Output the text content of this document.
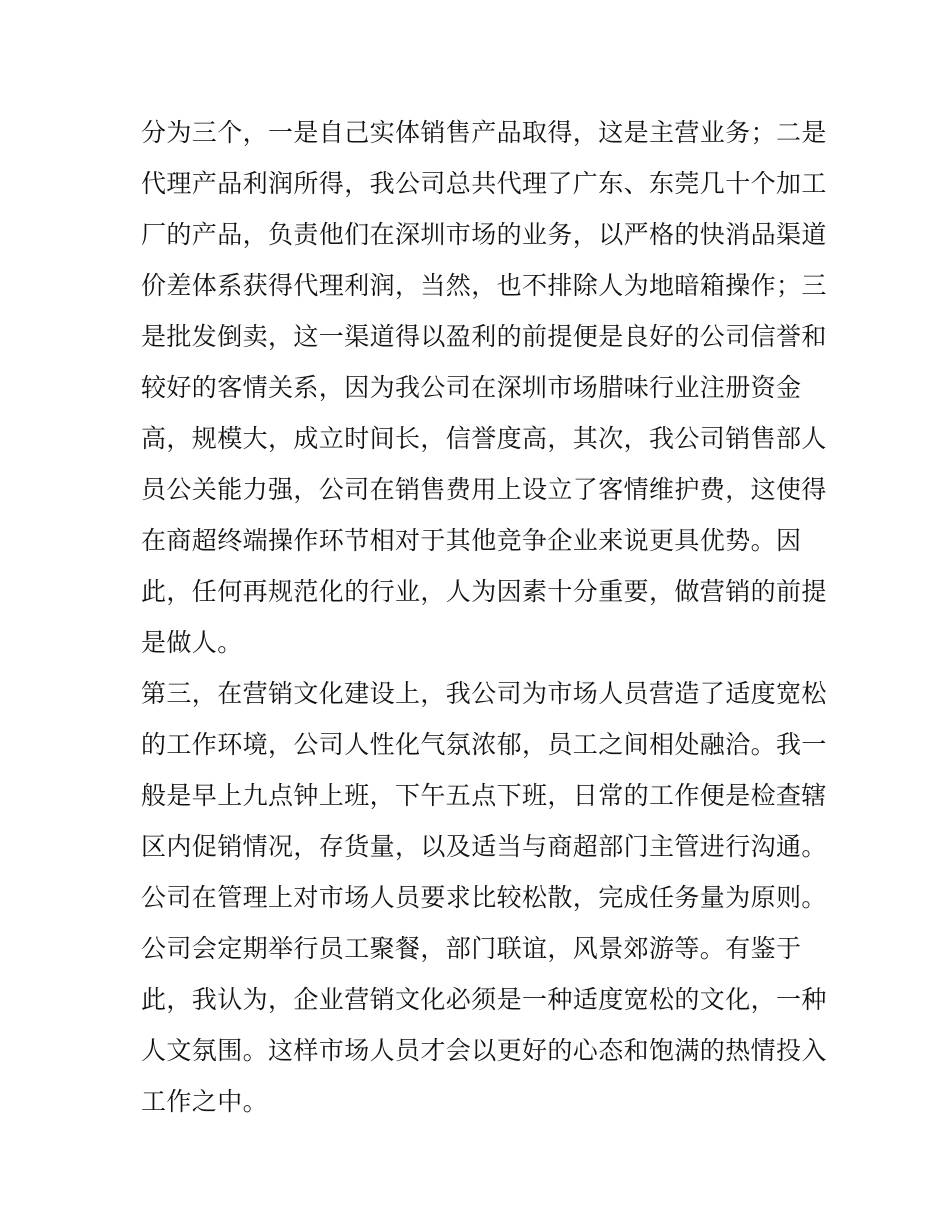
分为三个，一是自己实体销售产品取得，这是主营业务；二是
代理产品利润所得，我公司总共代理了广东、东莞几十个加工
厂的产品，负责他们在深圳市场的业务，以严格的快消品渠道
价差体系获得代理利润，当然，也不排除人为地暗箱操作；三
是批发倒卖，这一渠道得以盈利的前提便是良好的公司信誉和
较好的客情关系，因为我公司在深圳市场腊味行业注册资金
高，规模大，成立时间长，信誉度高，其次，我公司销售部人
员公关能力强，公司在销售费用上设立了客情维护费，这使得
在商超终端操作环节相对于其他竞争企业来说更具优势。因
此，任何再规范化的行业，人为因素十分重要，做营销的前提
是做人。
第三，在营销文化建设上，我公司为市场人员营造了适度宽松
的工作环境，公司人性化气氛浓郁，员工之间相处融洽。我一
般是早上九点钟上班，下午五点下班，日常的工作便是检查辖
区内促销情况，存货量，以及适当与商超部门主管进行沟通。
公司在管理上对市场人员要求比较松散，完成任务量为原则。
公司会定期举行员工聚餐，部门联谊，风景郊游等。有鉴于
此，我认为，企业营销文化必须是一种适度宽松的文化，一种
人文氛围。这样市场人员才会以更好的心态和饱满的热情投入
工作之中。
